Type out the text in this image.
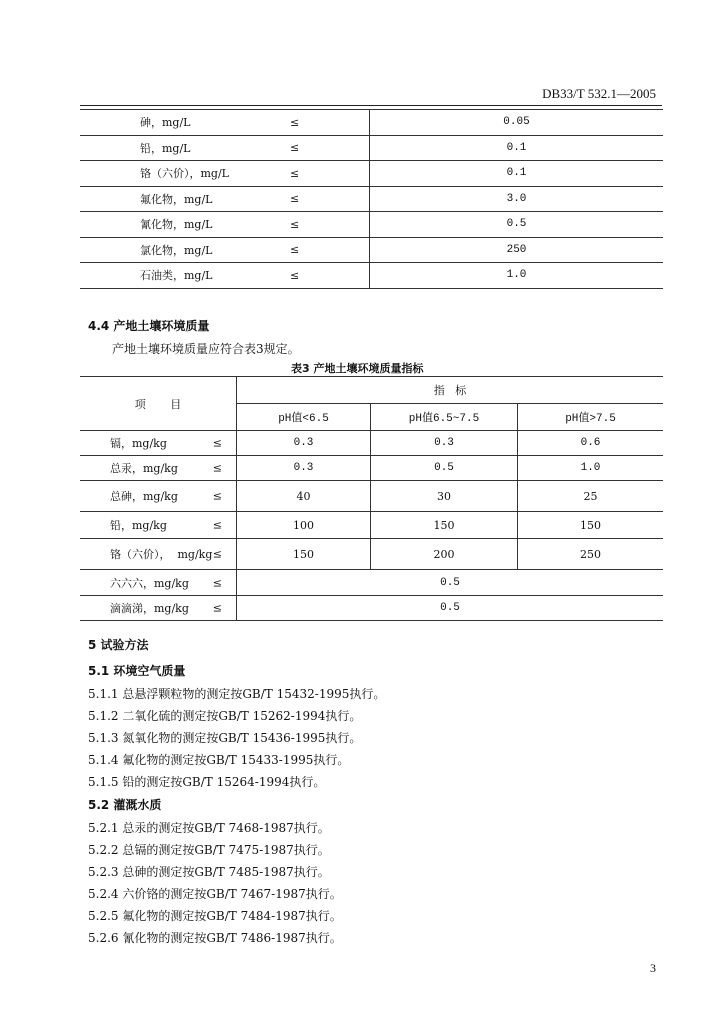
DB33/T 532.1—2005
砷，mg/L	≤	0.05
铅，mg/L	≤	0.1
铬（六价），mg/L	≤	0.1
氟化物，mg/L	≤	3.0
氰化物，mg/L	≤	0.5
氯化物，mg/L	≤	250
石油类，mg/L	≤	1.0
4.4 产地土壤环境质量
产地土壤环境质量应符合表3规定。
表3 产地土壤环境质量指标
项       目	指   标		
	pH值<6.5	pH值6.5~7.5	pH值>7.5

镉，mg/kg ≤	0.3	0.3	0.6

总汞，mg/kg ≤	0.3	0.5	1.0

总砷，mg/kg ≤	40	30	25

铅，mg/kg ≤	100	150	150

铬（六价），  mg/kg ≤	150	200	250

六六六，mg/kg ≤	0.5		

滴滴涕，mg/kg ≤	0.5		
5 试验方法
5.1 环境空气质量
5.1.1 总悬浮颗粒物的测定按GB/T 15432-1995执行。
5.1.2 二氧化硫的测定按GB/T 15262-1994执行。
5.1.3 氮氧化物的测定按GB/T 15436-1995执行。
5.1.4 氟化物的测定按GB/T 15433-1995执行。
5.1.5 铅的测定按GB/T 15264-1994执行。
5.2 灌溉水质
5.2.1 总汞的测定按GB/T 7468-1987执行。
5.2.2 总镉的测定按GB/T 7475-1987执行。
5.2.3 总砷的测定按GB/T 7485-1987执行。
5.2.4 六价铬的测定按GB/T 7467-1987执行。
5.2.5 氟化物的测定按GB/T 7484-1987执行。
5.2.6 氰化物的测定按GB/T 7486-1987执行。
3
